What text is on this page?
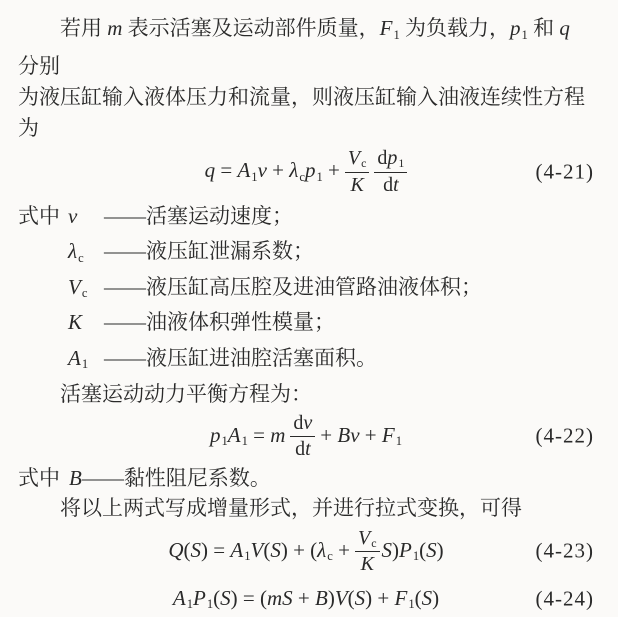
若用 m 表示活塞及运动部件质量，$F_1$ 为负载力，$p_1$ 和 q 分别

为液压缸输入液体压力和流量，则液压缸输入油液连续性方程为

$q = A_1v + \lambda_cp_1 + \frac{V_c}{K} \frac{dp_1}{dt}$	(4-21)
式中 v	—— 活塞运动速度；
$\lambda_c$ —— 液压缸泄漏系数；
$V_c$ —— 液压缸高压腔及进油管路油液体积；
K	—— 油液体积弹性模量；
$A_1$ —— 液压缸进油腔活塞面积。

活塞运动动力平衡方程为：

$p_1A_1 = m \frac{dv}{dt} + Bv + F_1$	(4-22)

式中 B——黏性阻尼系数。

将以上两式写成增量形式，并进行拉式变换，可得

$Q(S) = A_1V(S) + (\lambda_c + \frac{V_c}{K} S)P_1(S)$	(4-23)
$A_1P_1(S) = (mS + B)V(S) + F_1(S)$	(4-24)
